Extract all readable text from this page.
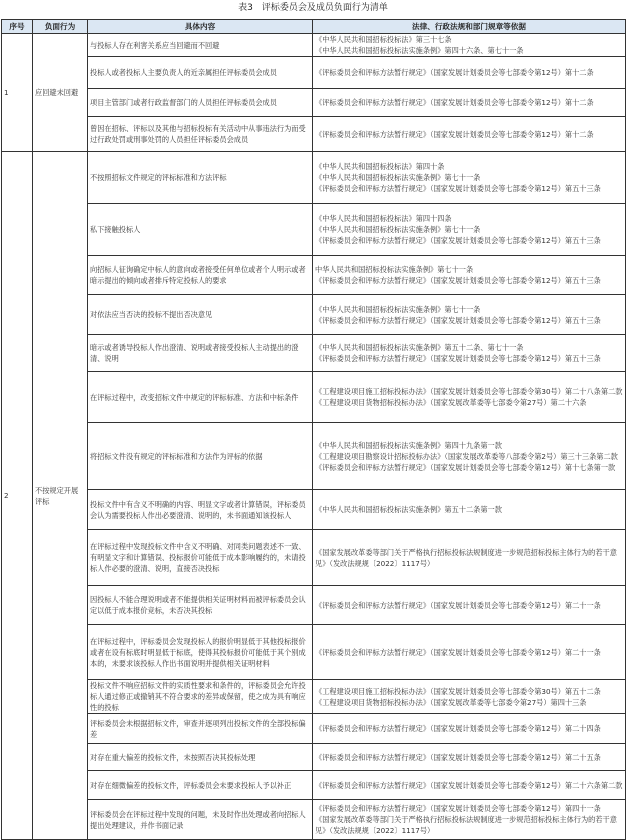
表3　评标委员会及成员负面行为清单
序号	负面行为	具体内容	法律、行政法规和部门规章等依据
1	应回避未回避	与投标人存在利害关系应当回避而不回避	《中华人民共和国招标投标法》第三十七条
《中华人民共和国招标投标法实施条例》第四十六条、第七十一条

		投标人或者投标人主要负责人的近亲属担任评标委员会成员	《评标委员会和评标方法暂行规定》（国家发展计划委员会等七部委令第12号）第十二条

		项目主管部门或者行政监督部门的人员担任评标委员会成员	《评标委员会和评标方法暂行规定》（国家发展计划委员会等七部委令第12号）第十二条

		曾因在招标、评标以及其他与招标投标有关活动中从事违法行为而受过行政处罚或刑事处罚的人员担任评标委员会成员	《评标委员会和评标方法暂行规定》（国家发展计划委员会等七部委令第12号）第十二条

2	不按规定开展评标	不按照招标文件规定的评标标准和方法评标	《中华人民共和国招标投标法》第四十条
《中华人民共和国招标投标法实施条例》第七十一条
《评标委员会和评标方法暂行规定》（国家发展计划委员会等七部委令第12号）第五十三条

		私下接触投标人	《中华人民共和国招标投标法》第四十四条
《中华人民共和国招标投标法实施条例》第七十一条
《评标委员会和评标方法暂行规定》（国家发展计划委员会等七部委令第12号）第五十三条

		向招标人征询确定中标人的意向或者接受任何单位或者个人明示或者暗示提出的倾向或者排斥特定投标人的要求	中华人民共和国招标投标法实施条例》第七十一条
《评标委员会和评标方法暂行规定》（国家发展计划委员会等七部委令第12号）第五十三条

		对依法应当否决的投标不提出否决意见	《中华人民共和国招标投标法实施条例》第七十一条
《评标委员会和评标方法暂行规定》（国家发展计划委员会等七部委令第12号）第五十三条

		暗示或者诱导投标人作出澄清、说明或者接受投标人主动提出的澄清、说明	《中华人民共和国招标投标法实施条例》第五十二条、第七十一条
《评标委员会和评标方法暂行规定》（国家发展计划委员会等七部委令第12号）第五十三条

		在评标过程中，改变招标文件中规定的评标标准、方法和中标条件	《工程建设项目施工招标投标办法》（国家发展计划委员会等七部委令第30号）第二十八条第二款
《工程建设项目货物招标投标办法》（国家发展改革委等七部委令第27号）第二十六条

		将招标文件没有规定的评标标准和方法作为评标的依据	《中华人民共和国招标投标法实施条例》第四十九条第一款
《工程建设项目勘察设计招标投标办法》（国家发展改革委等八部委令第2号）第三十三条第二款
《评标委员会和评标方法暂行规定》（国家发展计划委员会等七部委令第12号）第十七条第一款

		投标文件中有含义不明确的内容、明显文字或者计算错误，评标委员会认为需要投标人作出必要澄清、说明的，未书面通知该投标人	《中华人民共和国招标投标法实施条例》第五十二条第一款

		在评标过程中发现投标文件中含义不明确、对同类问题表述不一致、有明显文字和计算错误、投标报价可能低于成本影响履约的，未请投标人作必要的澄清、说明，直接否决投标	《国家发展改革委等部门关于严格执行招标投标法规制度进一步规范招标投标主体行为的若干意见》（发改法规规〔2022〕1117号）

		因投标人不能合理说明或者不能提供相关证明材料而被评标委员会认定以低于成本报价竞标，未否决其投标	《评标委员会和评标方法暂行规定》（国家发展计划委员会等七部委令第12号）第二十一条

		在评标过程中，评标委员会发现投标人的报价明显低于其他投标报价或者在设有标底时明显低于标底，使得其投标报价可能低于其个别成本的，未要求该投标人作出书面说明并提供相关证明材料	《评标委员会和评标方法暂行规定》（国家发展计划委员会等七部委令第12号）第二十一条

		投标文件不响应招标文件的实质性要求和条件的，评标委员会允许投标人通过修正或撤销其不符合要求的差异或保留，使之成为具有响应性的投标	《工程建设项目施工招标投标办法》（国家发展计划委员会等七部委令第30号）第五十二条
《工程建设项目货物招标投标办法》（国家发展改革委等七部委令第27号）第四十三条

		评标委员会未根据招标文件，审查并逐项列出投标文件的全部投标偏差	《评标委员会和评标方法暂行规定》（国家发展计划委员会等七部委令第12号）第二十四条

		对存在重大偏差的投标文件，未按照否决其投标处理	《评标委员会和评标方法暂行规定》（国家发展计划委员会等七部委令第12号）第二十五条

		对存在细微偏差的投标文件，评标委员会未要求投标人予以补正	《评标委员会和评标方法暂行规定》（国家发展计划委员会等七部委令第12号）第二十六条第二款

		评标委员会在评标过程中发现的问题，未及时作出处理或者向招标人提出处理建议，并作书面记录	《评标委员会和评标方法暂行规定》（国家发展计划委员会等七部委令第12号）第四十一条
《国家发展改革委等部门关于严格执行招标投标法规制度进一步规范招标投标主体行为的若干意见》（发改法规规〔2022〕1117号）
